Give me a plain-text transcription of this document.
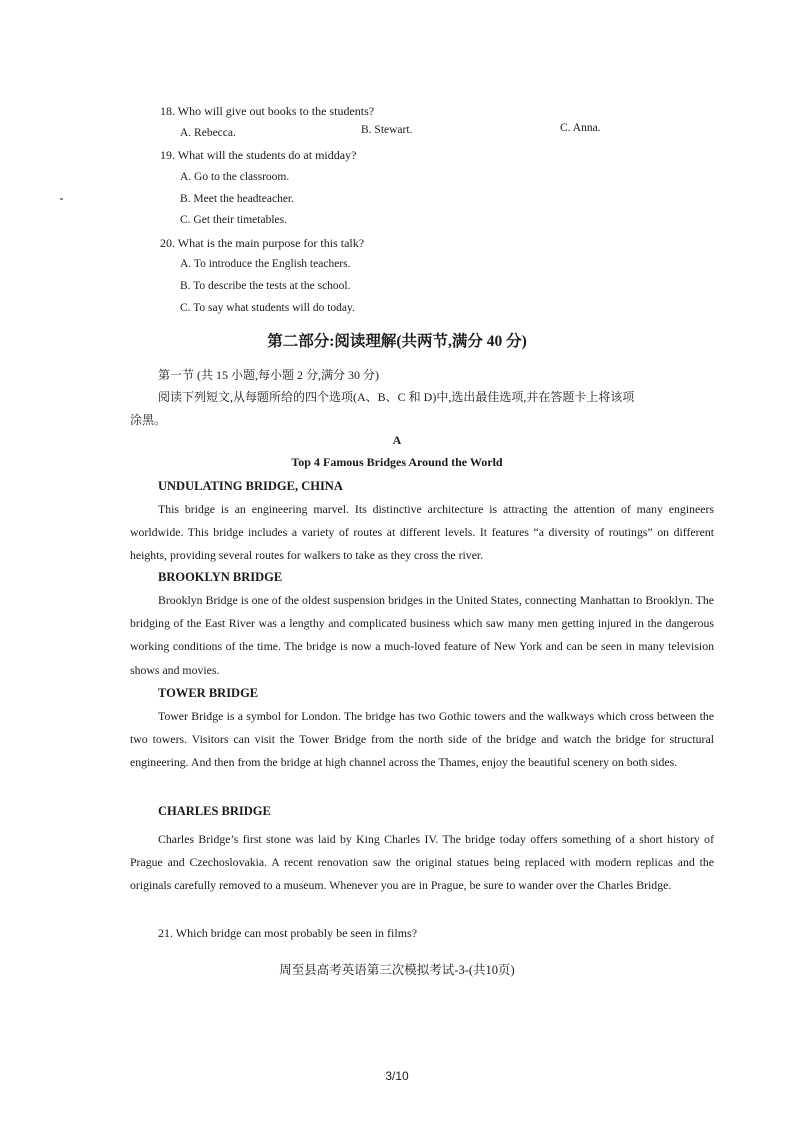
18. Who will give out books to the students?
A. Rebecca.	B. Stewart.	C. Anna.
19. What will the students do at midday?
A. Go to the classroom.
B. Meet the headteacher.
C. Get their timetables.
20. What is the main purpose for this talk?
A. To introduce the English teachers.
B. To describe the tests at the school.
C. To say what students will do today.
第二部分:阅读理解(共两节,满分 40 分)
第一节 (共 15 小题,每小题 2 分,满分 30 分)
阅读下列短文,从每题所给的四个选项(A、B、C 和 D)中,选出最佳选项,并在答题卡上将该项
涂黑。
A
Top 4 Famous Bridges Around the World
UNDULATING BRIDGE, CHINA

This bridge is an engineering marvel. Its distinctive architecture is attracting the attention of many engineers worldwide. This bridge includes a variety of routes at different levels. It features “a diversity of routings” on different heights, providing several routes for walkers to take as they cross the river.

BROOKLYN BRIDGE

Brooklyn Bridge is one of the oldest suspension bridges in the United States, connecting Manhattan to Brooklyn. The bridging of the East River was a lengthy and complicated business which saw many men getting injured in the dangerous working conditions of the time. The bridge is now a much-loved feature of New York and can be seen in many television shows and movies.

TOWER BRIDGE

Tower Bridge is a symbol for London. The bridge has two Gothic towers and the walkways which cross between the two towers. Visitors can visit the Tower Bridge from the north side of the bridge and watch the bridge for structural engineering. And then from the bridge at high channel across the Thames, enjoy the beautiful scenery on both sides.

CHARLES BRIDGE

Charles Bridge’s first stone was laid by King Charles IV. The bridge today offers something of a short history of Prague and Czechoslovakia. A recent renovation saw the original statues being replaced with modern replicas and the originals carefully removed to a museum. Whenever you are in Prague, be sure to wander over the Charles Bridge.

21. Which bridge can most probably be seen in films?
周至县高考英语第三次模拟考试-3-(共10页)
3/10
